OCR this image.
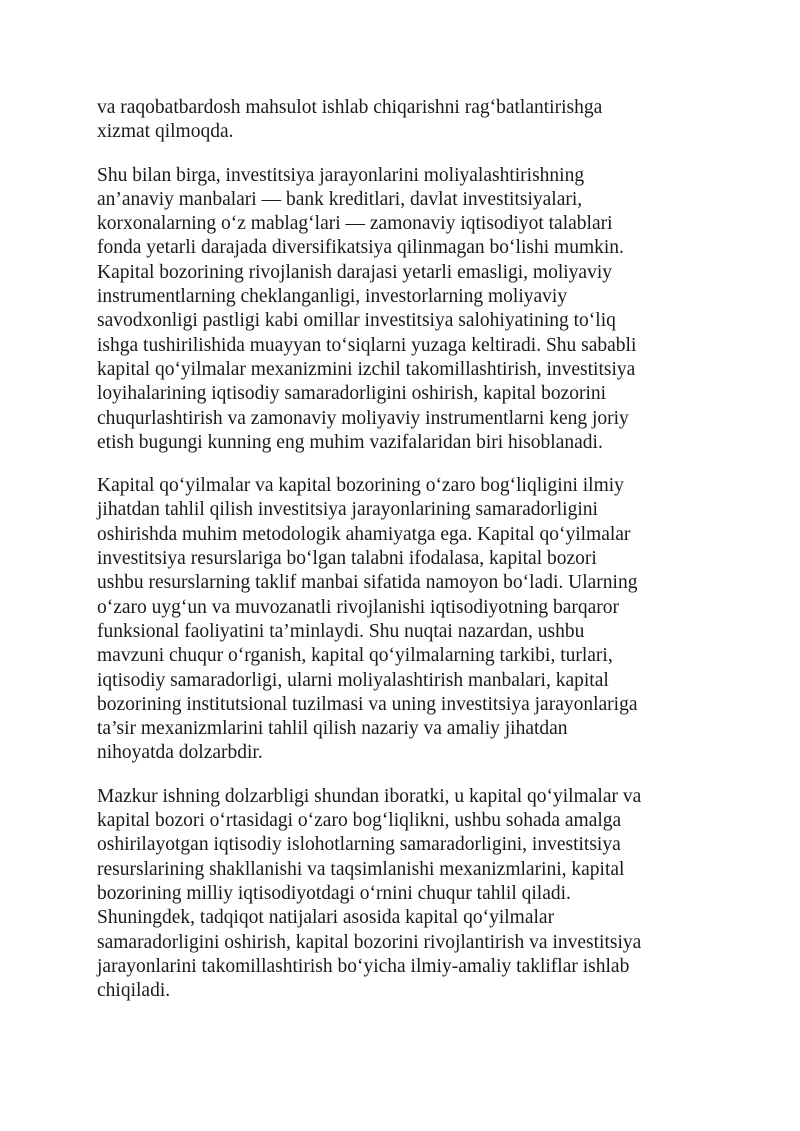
va raqobatbardosh mahsulot ishlab chiqarishni rag‘batlantirishga
xizmat qilmoqda.

Shu bilan birga, investitsiya jarayonlarini moliyalashtirishning
an’anaviy manbalari — bank kreditlari, davlat investitsiyalari,
korxonalarning o‘z mablag‘lari — zamonaviy iqtisodiyot talablari
fonda yetarli darajada diversifikatsiya qilinmagan bo‘lishi mumkin.
Kapital bozorining rivojlanish darajasi yetarli emasligi, moliyaviy
instrumentlarning cheklanganligi, investorlarning moliyaviy
savodxonligi pastligi kabi omillar investitsiya salohiyatining to‘liq
ishga tushirilishida muayyan to‘siqlarni yuzaga keltiradi. Shu sababli
kapital qo‘yilmalar mexanizmini izchil takomillashtirish, investitsiya
loyihalarining iqtisodiy samaradorligini oshirish, kapital bozorini
chuqurlashtirish va zamonaviy moliyaviy instrumentlarni keng joriy
etish bugungi kunning eng muhim vazifalaridan biri hisoblanadi.

Kapital qo‘yilmalar va kapital bozorining o‘zaro bog‘liqligini ilmiy
jihatdan tahlil qilish investitsiya jarayonlarining samaradorligini
oshirishda muhim metodologik ahamiyatga ega. Kapital qo‘yilmalar
investitsiya resurslariga bo‘lgan talabni ifodalasa, kapital bozori
ushbu resurslarning taklif manbai sifatida namoyon bo‘ladi. Ularning
o‘zaro uyg‘un va muvozanatli rivojlanishi iqtisodiyotning barqaror
funksional faoliyatini ta’minlaydi. Shu nuqtai nazardan, ushbu
mavzuni chuqur o‘rganish, kapital qo‘yilmalarning tarkibi, turlari,
iqtisodiy samaradorligi, ularni moliyalashtirish manbalari, kapital
bozorining institutsional tuzilmasi va uning investitsiya jarayonlariga
ta’sir mexanizmlarini tahlil qilish nazariy va amaliy jihatdan
nihoyatda dolzarbdir.

Mazkur ishning dolzarbligi shundan iboratki, u kapital qo‘yilmalar va
kapital bozori o‘rtasidagi o‘zaro bog‘liqlikni, ushbu sohada amalga
oshirilayotgan iqtisodiy islohotlarning samaradorligini, investitsiya
resurslarining shakllanishi va taqsimlanishi mexanizmlarini, kapital
bozorining milliy iqtisodiyotdagi o‘rnini chuqur tahlil qiladi.
Shuningdek, tadqiqot natijalari asosida kapital qo‘yilmalar
samaradorligini oshirish, kapital bozorini rivojlantirish va investitsiya
jarayonlarini takomillashtirish bo‘yicha ilmiy-amaliy takliflar ishlab
chiqiladi.
